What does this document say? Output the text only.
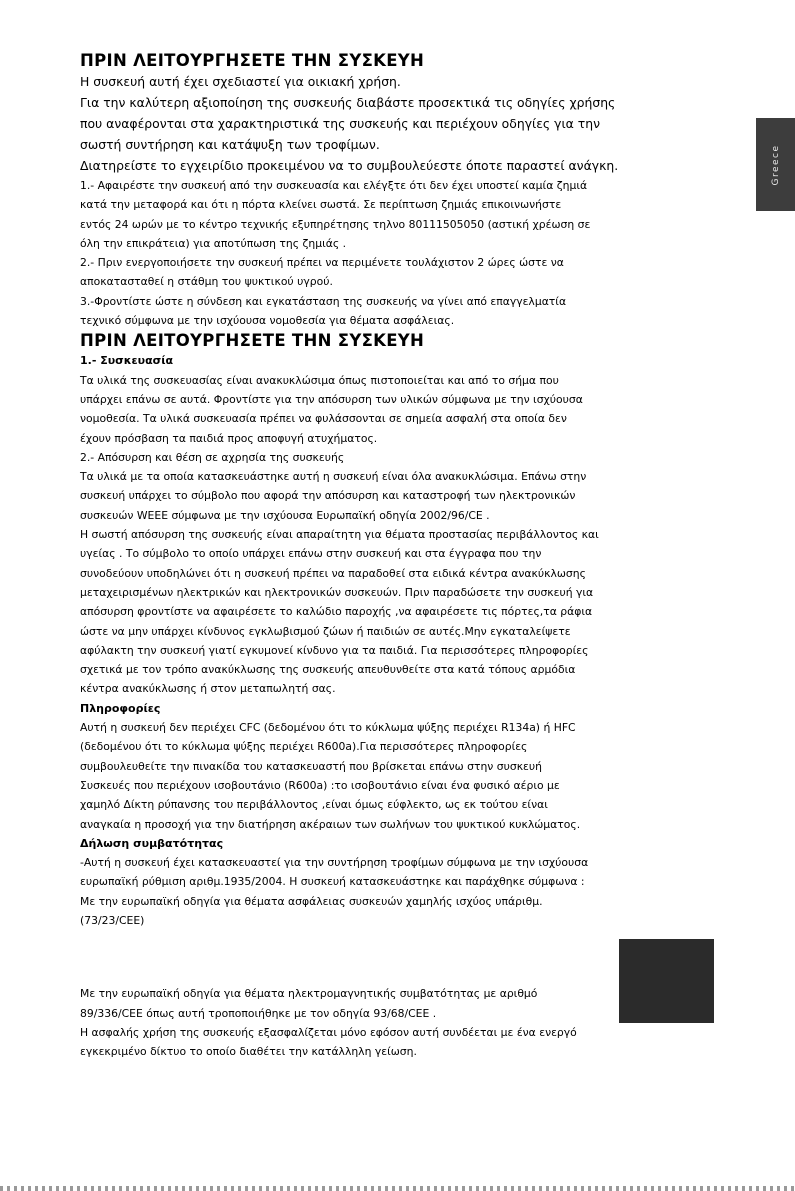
Greece
ΠΡΙΝ ΛΕΙΤΟΥΡΓΗΣΕΤΕ ΤΗΝ ΣΥΣΚΕΥΗ
Η συσκευή αυτή έχει σχεδιαστεί για οικιακή χρήση.
Για την καλύτερη αξιοποίηση της συσκευής διαβάστε προσεκτικά τις οδηγίες χρήσης
που αναφέρονται στα χαρακτηριστικά της συσκευής και περιέχουν οδηγίες για την
σωστή συντήρηση και κατάψυξη των τροφίμων.
Διατηρείστε το εγχειρίδιο προκειμένου να το συμβουλεύεστε όποτε παραστεί ανάγκη.
1.- Αφαιρέστε την συσκευή από την συσκευασία και ελέγξτε ότι δεν έχει υποστεί καμία ζημιά
κατά την μεταφορά και ότι η πόρτα κλείνει σωστά. Σε περίπτωση ζημιάς επικοινωνήστε
εντός 24 ωρών με το κέντρο τεχνικής εξυπηρέτησης τηλνο 80111505050 (αστική χρέωση σε
όλη την επικράτεια) για αποτύπωση της ζημιάς .
2.- Πριν ενεργοποιήσετε την συσκευή πρέπει να περιμένετε τουλάχιστον 2 ώρες ώστε να
αποκατασταθεί η στάθμη του ψυκτικού υγρού.
3.-Φροντίστε ώστε η σύνδεση και εγκατάσταση της συσκευής να γίνει από επαγγελματία
τεχνικό σύμφωνα με την ισχύουσα νομοθεσία για θέματα ασφάλειας.
ΠΡΙΝ ΛΕΙΤΟΥΡΓΗΣΕΤΕ ΤΗΝ ΣΥΣΚΕΥΗ
1.- Συσκευασία
Τα υλικά της συσκευασίας είναι ανακυκλώσιμα όπως πιστοποιείται και από το σήμα που
υπάρχει επάνω σε αυτά. Φροντίστε για την απόσυρση των υλικών σύμφωνα με την ισχύουσα
νομοθεσία. Τα υλικά συσκευασία πρέπει να φυλάσσονται σε σημεία ασφαλή στα οποία δεν
έχουν πρόσβαση τα παιδιά προς αποφυγή ατυχήματος.
2.- Απόσυρση και θέση σε αχρησία της συσκευής
Τα υλικά με τα οποία κατασκευάστηκε αυτή η συσκευή είναι όλα ανακυκλώσιμα. Επάνω στην
συσκευή υπάρχει το σύμβολο που αφορά την απόσυρση και καταστροφή των ηλεκτρονικών
συσκευών WEEE σύμφωνα με την ισχύουσα Ευρωπαϊκή οδηγία 2002/96/CE .
Η σωστή απόσυρση της συσκευής είναι απαραίτητη για θέματα προστασίας περιβάλλοντος και
υγείας . Το σύμβολο το οποίο υπάρχει επάνω στην συσκευή και στα έγγραφα που την
συνοδεύουν υποδηλώνει ότι η συσκευή πρέπει να παραδοθεί στα ειδικά κέντρα ανακύκλωσης
μεταχειρισμένων ηλεκτρικών και ηλεκτρονικών συσκευών. Πριν παραδώσετε την συσκευή για
απόσυρση φροντίστε να αφαιρέσετε το καλώδιο παροχής ,να αφαιρέσετε τις πόρτες,τα ράφια
ώστε να μην υπάρχει κίνδυνος εγκλωβισμού ζώων ή παιδιών σε αυτές.Μην εγκαταλείψετε
αφύλακτη την συσκευή γιατί εγκυμονεί κίνδυνο για τα παιδιά. Για περισσότερες πληροφορίες
σχετικά με τον τρόπο ανακύκλωσης της συσκευής απευθυνθείτε στα κατά τόπους αρμόδια
κέντρα ανακύκλωσης ή στον μεταπωλητή σας.
Πληροφορίες
Αυτή η συσκευή δεν περιέχει CFC (δεδομένου ότι το κύκλωμα ψύξης περιέχει R134a) ή HFC
(δεδομένου ότι το κύκλωμα ψύξης περιέχει R600a).Για περισσότερες πληροφορίες
συμβουλευθείτε την πινακίδα του κατασκευαστή που βρίσκεται επάνω στην συσκευή
Συσκευές που περιέχουν ισοβουτάνιο (R600a) :το ισοβουτάνιο είναι ένα φυσικό αέριο με
χαμηλό Δίκτη ρύπανσης του περιβάλλοντος ,είναι όμως εύφλεκτο, ως εκ τούτου είναι
αναγκαία η προσοχή για την διατήρηση ακέραιων των σωλήνων του ψυκτικού κυκλώματος.
Δήλωση συμβατότητας
-Αυτή η συσκευή έχει κατασκευαστεί για την συντήρηση τροφίμων σύμφωνα με την ισχύουσα
ευρωπαϊκή ρύθμιση αριθμ.1935/2004. Η συσκευή κατασκευάστηκε και παράχθηκε σύμφωνα :
Με την ευρωπαϊκή οδηγία για θέματα ασφάλειας συσκευών χαμηλής ισχύος υπάριθμ.
(73/23/CEE)
Με την ευρωπαϊκή οδηγία για θέματα ηλεκτρομαγνητικής συμβατότητας με αριθμό
89/336/CEE όπως αυτή τροποποιήθηκε με τον οδηγία 93/68/CEE .
Η ασφαλής χρήση της συσκευής εξασφαλίζεται μόνο εφόσον αυτή συνδέεται με ένα ενεργό
εγκεκριμένο δίκτυο το οποίο διαθέτει την κατάλληλη γείωση.
